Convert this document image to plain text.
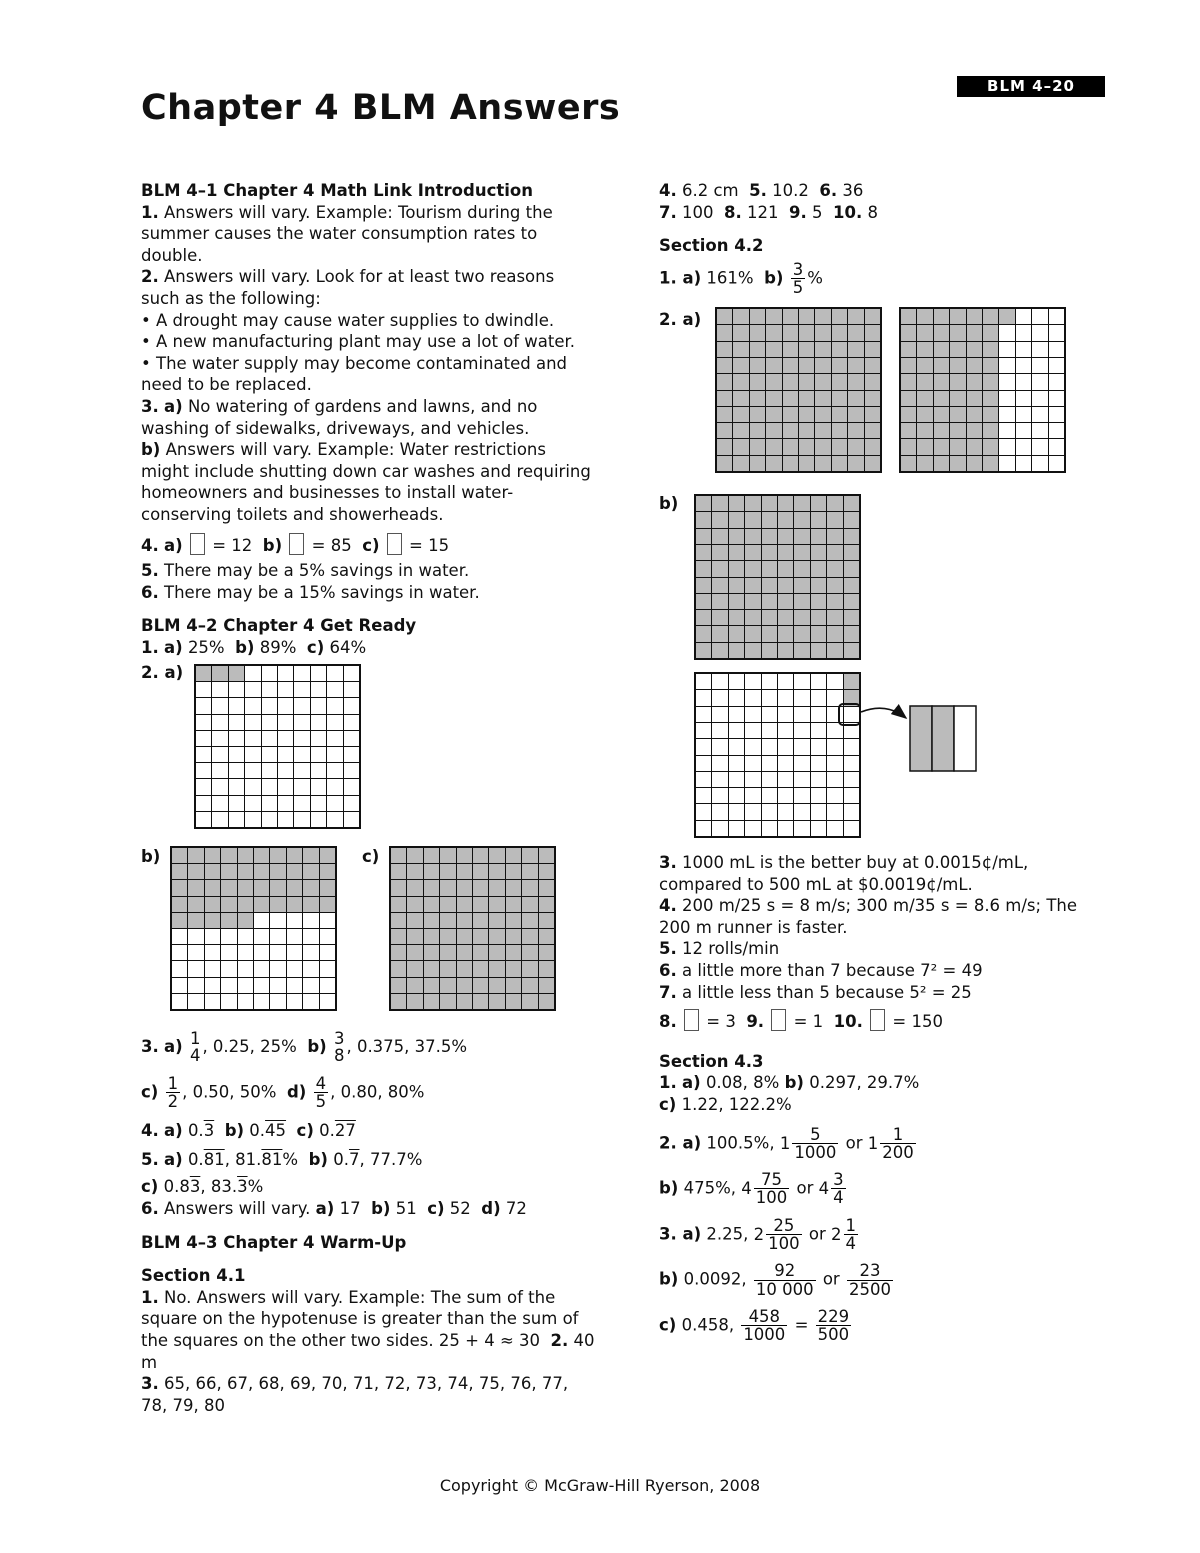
BLM 4–20
Chapter 4 BLM Answers

BLM 4–1 Chapter 4 Math Link Introduction

1. Answers will vary. Example: Tourism during the summer causes the water consumption rates to double.

2. Answers will vary. Look for at least two reasons such as the following:

• A drought may cause water supplies to dwindle.

• A new manufacturing plant may use a lot of water.

• The water supply may become contaminated and need to be replaced.

3. a) No watering of gardens and lawns, and no washing of sidewalks, driveways, and vehicles.
b) Answers will vary. Example: Water restrictions might include shutting down car washes and requiring homeowners and businesses to install water-conserving toilets and showerheads.

4. a) = 12 b) = 85 c) = 15

5. There may be a 5% savings in water.

6. There may be a 15% savings in water.

BLM 4–2 Chapter 4 Get Ready

1. a) 25% b) 89% c) 64%

2. a)
b)	c)

3. a) 1
4 , 0.25, 25% b) 3
8 , 0.375, 37.5%

$c) \frac{1}{2}$ , 0.50, 50% $d) \frac{4}{5}$ , 0.80, 80%

4. a) 0.3 b) 0.45 c) 0.27

5. a) 0.81, 81.81% b) 0.7, 77.7%

c) 0.83, 83.3%

6. Answers will vary. a) 17 b) 51 c) 52 d) 72

BLM 4–3 Chapter 4 Warm-Up

Section 4.1

1. No. Answers will vary. Example: The sum of the square on the hypotenuse is greater than the sum of the squares on the other two sides. 25 + 4 ≈ 30 2. 40 m

3. 65, 66, 67, 68, 69, 70, 71, 72, 73, 74, 75, 76, 77, 78, 79, 80

4. 6.2 cm 5. 10.2 6. 36

7. 100 8. 121 9. 5 10. 8

Section 4.2

1. a) 161% $b) \frac{3}{5}$ %

2. a)
b)

3. 1000 mL is the better buy at 0.0015¢/mL, compared to 500 mL at $0.0019¢/mL.

4. 200 m/25 s = 8 m/s; 300 m/35 s = 8.6 m/s; The 200 m runner is faster.

5. 12 rolls/min

6. a little more than 7 because 7² = 49

7. a little less than 5 because 5² = 25

8. = 3 9. = 1 10. = 150

Section 4.3

1. a) 0.08, 8% b) 0.297, 29.7%

c) 1.22, 122.2%

2. a) 100.5%, $1 \frac{5}{1000}$ or $1 \frac{1}{200}$

b) 475%, $4 \frac{75}{100}$ or $4 \frac{3}{4}$

3. a) 2.25, $2 \frac{25}{100}$ or $2 \frac{1}{4}$

b) 0.0092, $\frac{92}{10 000}$ or $\frac{23}{2500}$

c) 0.458, $\frac{458}{1000} = \frac{229}{500}$

Copyright © McGraw-Hill Ryerson, 2008
